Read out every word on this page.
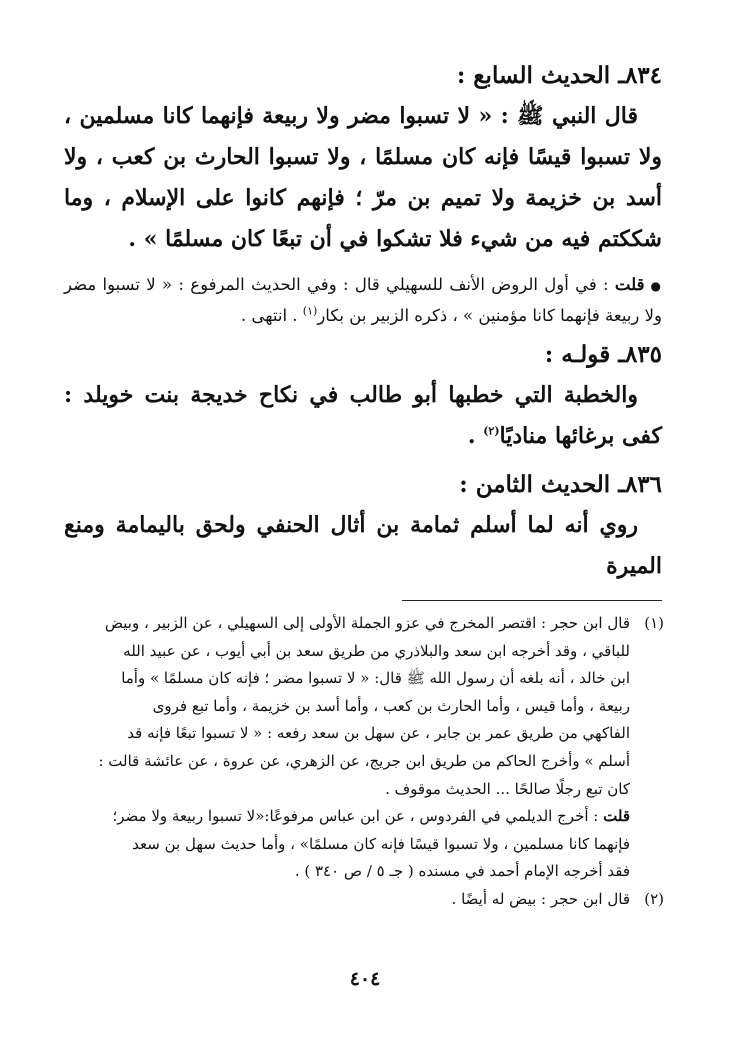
٨٣٤ـ الحديث السابع :

قال النبي ﷺ : « لا تسبوا مضر ولا ربيعة فإنهما كانا مسلمين ، ولا تسبوا قيسًا فإنه كان مسلمًا ، ولا تسبوا الحارث بن كعب ، ولا أسد بن خزيمة ولا تميم بن مرّ ؛ فإنهم كانوا على الإسلام ، وما شككتم فيه من شيء فلا تشكوا في أن تبعًا كان مسلمًا » .

●قلت : في أول الروض الأنف للسهيلي قال : وفي الحديث المرفوع : « لا تسبوا مضر ولا ربيعة فإنهما كانا مؤمنين » ، ذكره الزبير بن بكار$^{(١)}$ . انتهى .

٨٣٥ـ قولـه :

والخطبة التي خطبها أبو طالب في نكاح خديجة بنت خويلد : كفى برغائها مناديًا$^{(٢)}$ .

٨٣٦ـ الحديث الثامن :

روي أنه لما أسلم ثمامة بن أثال الحنفي ولحق باليمامة ومنع الميرة

(١)
قال ابن حجر : اقتصر المخرج في عزو الجملة الأولى إلى السهيلي ، عن الزبير ، وبيض
للباقي ، وقد أخرجه ابن سعد والبلاذري من طريق سعد بن أبي أيوب ، عن عبيد الله
ابن خالد ، أنه بلغه أن رسول الله ﷺ قال: « لا تسبوا مضر ؛ فإنه كان مسلمًا » وأما
ربيعة ، وأما قيس ، وأما الحارث بن كعب ، وأما أسد بن خزيمة ، وأما تبع فروى
الفاكهي من طريق عمر بن جابر ، عن سهل بن سعد رفعه : « لا تسبوا تبعًا فإنه قد
أسلم » وأخرج الحاكم من طريق ابن جريج، عن الزهري، عن عروة ، عن عائشة قالت :
كان تبع رجلًا صالحًا ... الحديث موقوف .
قلت : أخرج الديلمي في الفردوس ، عن ابن عباس مرفوعًا:«لا تسبوا ربيعة ولا مضر؛
فإنهما كانا مسلمين ، ولا تسبوا قيسًا فإنه كان مسلمًا» ، وأما حديث سهل بن سعد
فقد أخرجه الإمام أحمد في مسنده ( جـ ٥ / ص ٣٤٠ ) .
(٢)
قال ابن حجر : بيض له أيضًا .
٤٠٤
